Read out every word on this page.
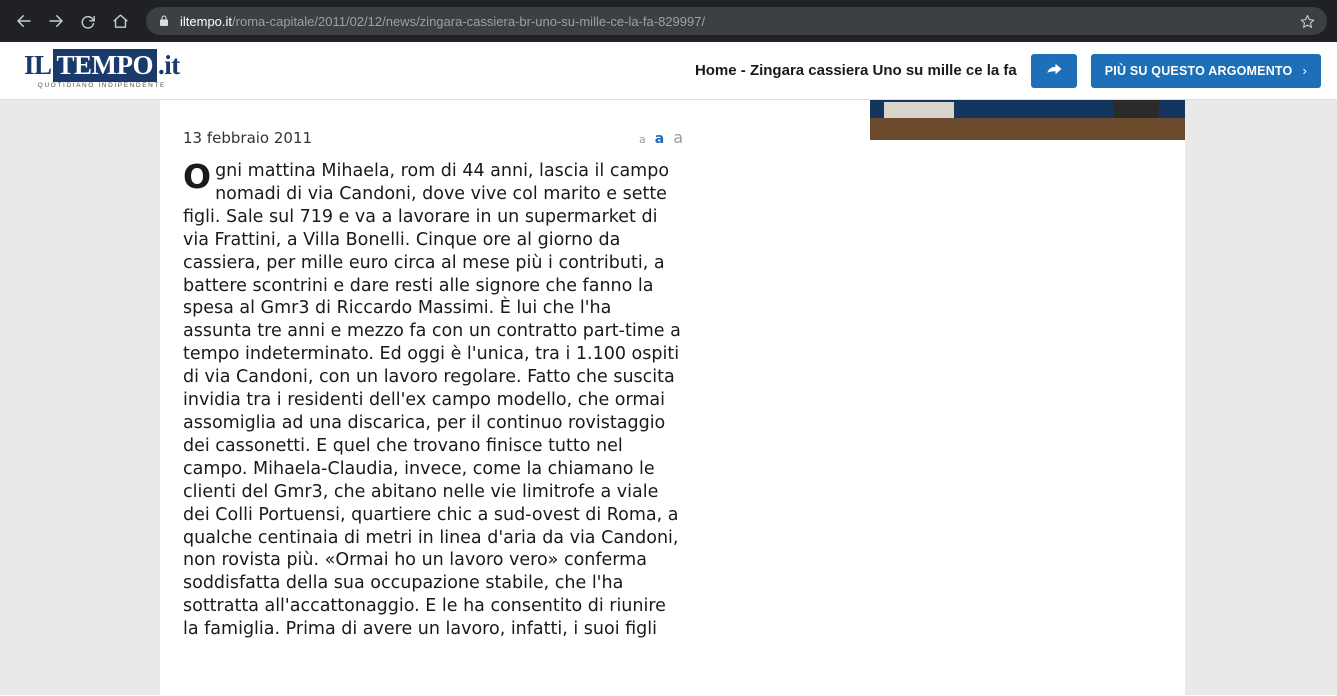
iltempo.it/roma-capitale/2011/02/12/news/zingara-cassiera-br-uno-su-mille-ce-la-fa-829997/
IL TEMPO .it
QUOTIDIANO INDIPENDENTE
Home - Zingara cassiera Uno su mille ce la fa	PIÙ SU QUESTO ARGOMENTO ›
13 febbraio 2011	a a a
Ogni mattina Mihaela, rom di 44 anni, lascia il campo nomadi di via Candoni, dove vive col marito e sette figli. Sale sul 719 e va a lavorare in un supermarket di via Frattini, a Villa Bonelli. Cinque ore al giorno da cassiera, per mille euro circa al mese più i contributi, a battere scontrini e dare resti alle signore che fanno la spesa al Gmr3 di Riccardo Massimi. È lui che l'ha assunta tre anni e mezzo fa con un contratto part-time a tempo indeterminato. Ed oggi è l'unica, tra i 1.100 ospiti di via Candoni, con un lavoro regolare. Fatto che suscita invidia tra i residenti dell'ex campo modello, che ormai assomiglia ad una discarica, per il continuo rovistaggio dei cassonetti. E quel che trovano finisce tutto nel campo. Mihaela-Claudia, invece, come la chiamano le clienti del Gmr3, che abitano nelle vie limitrofe a viale dei Colli Portuensi, quartiere chic a sud-ovest di Roma, a qualche centinaia di metri in linea d'aria da via Candoni, non rovista più. «Ormai ho un lavoro vero» conferma soddisfatta della sua occupazione stabile, che l'ha sottratta all'accattonaggio. E le ha consentito di riunire la famiglia. Prima di avere un lavoro, infatti, i suoi figli
